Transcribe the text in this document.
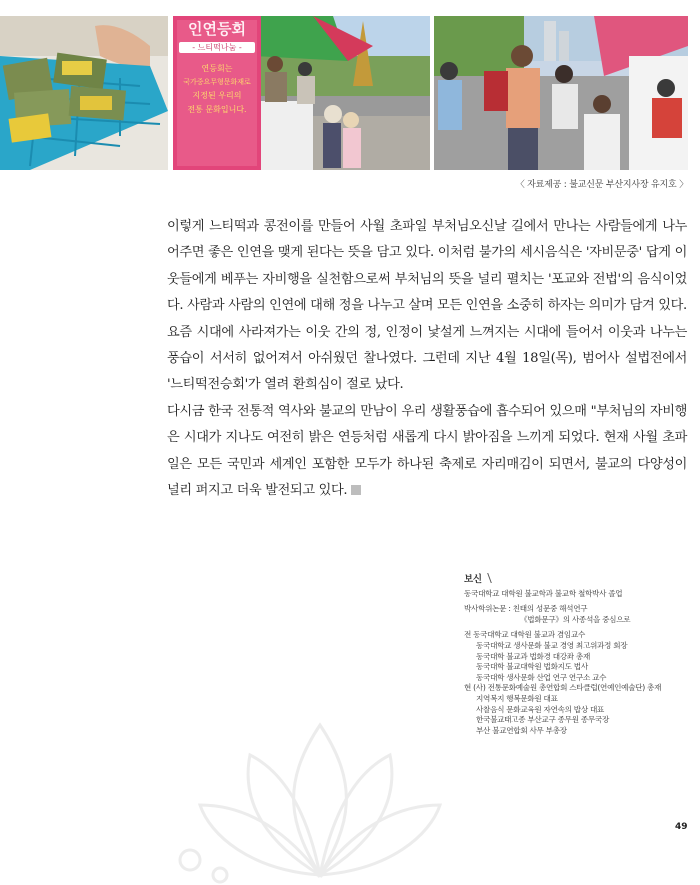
인연등회
- 느티떡나눔 -
연등회는
국가중요무형문화재로
지정된 우리의
전통 문화입니다.
〈 자료제공 : 불교신문 부산지사장 유지호 〉

이렇게 느티떡과 콩전이를 만들어 사월 초파일 부처님오신날 길에서 만나는 사람들에게 나누어주면 좋은 인연을 맺게 된다는 뜻을 담고 있다. 이처럼 불가의 세시음식은 '자비문중' 답게 이웃들에게 베푸는 자비행을 실천함으로써 부처님의 뜻을 널리 펼치는 '포교와 전법'의 음식이었다. 사람과 사람의 인연에 대해 정을 나누고 살며 모든 인연을 소중히 하자는 의미가 담겨 있다.

요즘 시대에 사라져가는 이웃 간의 정, 인정이 낯설게 느껴지는 시대에 들어서 이웃과 나누는 풍습이 서서히 없어져서 아쉬웠던 찰나였다. 그런데 지난 4월 18일(목), 범어사 설법전에서 '느티떡전승회'가 열려 환희심이 절로 났다.

다시금 한국 전통적 역사와 불교의 만남이 우리 생활풍습에 흡수되어 있으매 "부처님의 자비행은 시대가 지나도 여전히 밝은 연등처럼 새롭게 다시 밝아짐을 느끼게 되었다. 현재 사월 초파일은 모든 국민과 세계인 포함한 모두가 하나된 축제로 자리매김이 되면서, 불교의 다양성이 널리 퍼지고 더욱 발전되고 있다.

보신

동국대학교 대학원 불교학과 불교학 철학박사 졸업

박사학위논문 : 친태의 성문중 해석연구

《법화문구》의 사종석을 중심으로

전 동국대학교 대학원 불교과 겸임교수

동국대학교 생사문화 불교 경영 최고위과정 회장

동국대학 불교과 법화경 대강좌 총재

동국대학 불교대학원 법화지도 법사

동국대학 생사문화 산업 연구 연구소 교수

현 (사) 전통문화예술원 총연합회 스타클럽(연예인예술단) 총재

지역복지 행복문화원 대표

사찰음식 문화교육원 자연속의 밥상 대표

한국불교태고종 부산교구 종무원 종무국장

부산 불교연합회 사무 부총장

49
